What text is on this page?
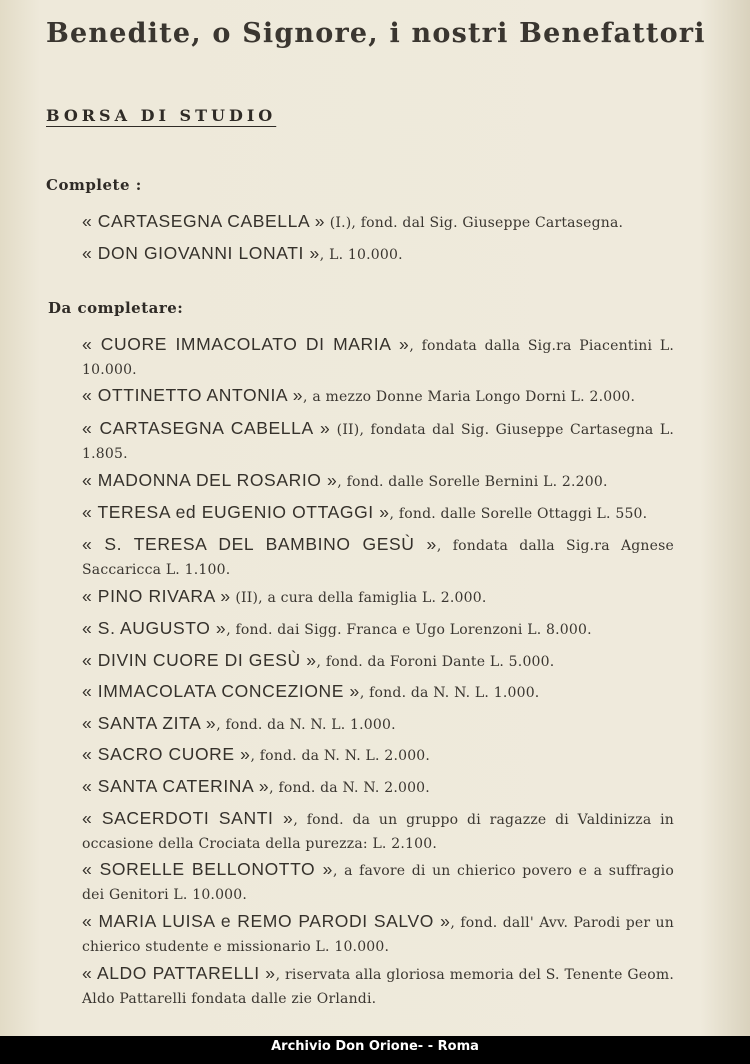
Benedite, o Signore, i nostri Benefattori
BORSA DI STUDIO
Complete :
« CARTASEGNA CABELLA » (I.), fond. dal Sig. Giuseppe Cartasegna.
« DON GIOVANNI LONATI », L. 10.000.
Da completare:
« CUORE IMMACOLATO DI MARIA », fondata dalla Sig.ra Piacentini L. 10.000.
« OTTINETTO ANTONIA », a mezzo Donne Maria Longo Dorni L. 2.000.
« CARTASEGNA CABELLA » (II), fondata dal Sig. Giuseppe Cartasegna L. 1.805.
« MADONNA DEL ROSARIO », fond. dalle Sorelle Bernini L. 2.200.
« TERESA ed EUGENIO OTTAGGI », fond. dalle Sorelle Ottaggi L. 550.
« S. TERESA DEL BAMBINO GESÙ », fondata dalla Sig.ra Agnese Saccaricca L. 1.100.
« PINO RIVARA » (II), a cura della famiglia L. 2.000.
« S. AUGUSTO », fond. dai Sigg. Franca e Ugo Lorenzoni L. 8.000.
« DIVIN CUORE DI GESÙ », fond. da Foroni Dante L. 5.000.
« IMMACOLATA CONCEZIONE », fond. da N. N. L. 1.000.
« SANTA ZITA », fond. da N. N. L. 1.000.
« SACRO CUORE », fond. da N. N. L. 2.000.
« SANTA CATERINA », fond. da N. N. 2.000.
« SACERDOTI SANTI », fond. da un gruppo di ragazze di Valdinizza in occasione della Crociata della purezza: L. 2.100.
« SORELLE BELLONOTTO », a favore di un chierico povero e a suffragio dei Genitori L. 10.000.
« MARIA LUISA e REMO PARODI SALVO », fond. dall' Avv. Parodi per un chierico studente e missionario L. 10.000.
« ALDO PATTARELLI », riservata alla gloriosa memoria del S. Tenente Geom. Aldo Pattarelli fondata dalle zie Orlandi.
Archivio Don Orione- - Roma
